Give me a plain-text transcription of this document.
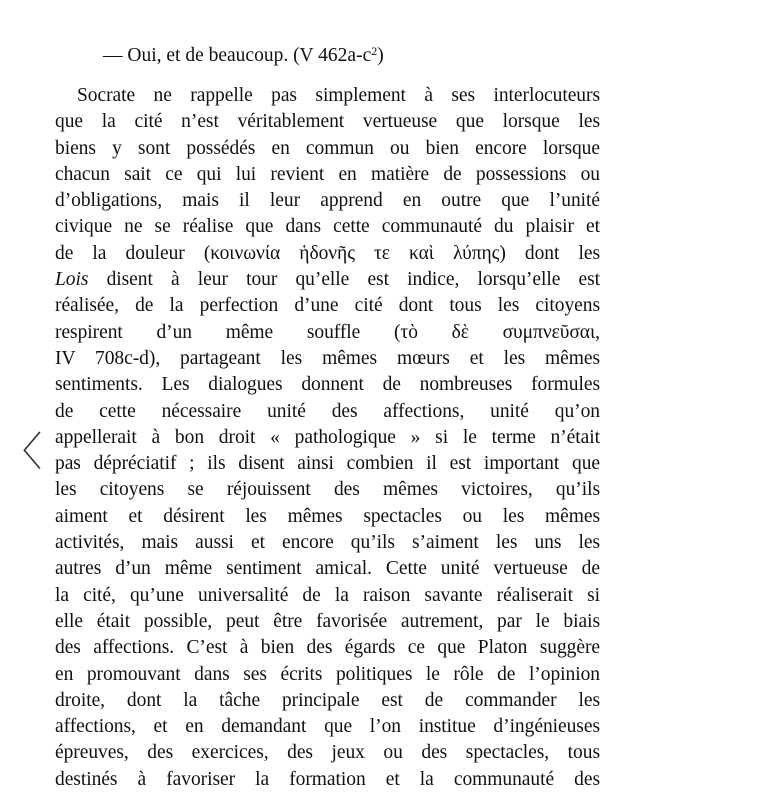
〈
— Oui, et de beaucoup. (V $462a-c^2$)
Socrate ne rappelle pas simplement à ses interlocuteurs
que la cité n’est véritablement vertueuse que lorsque les
biens y sont possédés en commun ou bien encore lorsque
chacun sait ce qui lui revient en matière de possessions ou
d’obligations, mais il leur apprend en outre que l’unité
civique ne se réalise que dans cette communauté du plaisir et
de la douleur (κοινωνία ἡδονῆς τε καὶ λύπης) dont les
Lois disent à leur tour qu’elle est indice, lorsqu’elle est
réalisée, de la perfection d’une cité dont tous les citoyens
respirent d’un même souffle (τὸ δὲ συμπνεῦσαι,
IV 708c-d), partageant les mêmes mœurs et les mêmes
sentiments. Les dialogues donnent de nombreuses formules
de cette nécessaire unité des affections, unité qu’on
appellerait à bon droit « pathologique » si le terme n’était
pas dépréciatif ; ils disent ainsi combien il est important que
les citoyens se réjouissent des mêmes victoires, qu’ils
aiment et désirent les mêmes spectacles ou les mêmes
activités, mais aussi et encore qu’ils s’aiment les uns les
autres d’un même sentiment amical. Cette unité vertueuse de
la cité, qu’une universalité de la raison savante réaliserait si
elle était possible, peut être favorisée autrement, par le biais
des affections. C’est à bien des égards ce que Platon suggère
en promouvant dans ses écrits politiques le rôle de l’opinion
droite, dont la tâche principale est de commander les
affections, et en demandant que l’on institue d’ingénieuses
épreuves, des exercices, des jeux ou des spectacles, tous
destinés à favoriser la formation et la communauté des
